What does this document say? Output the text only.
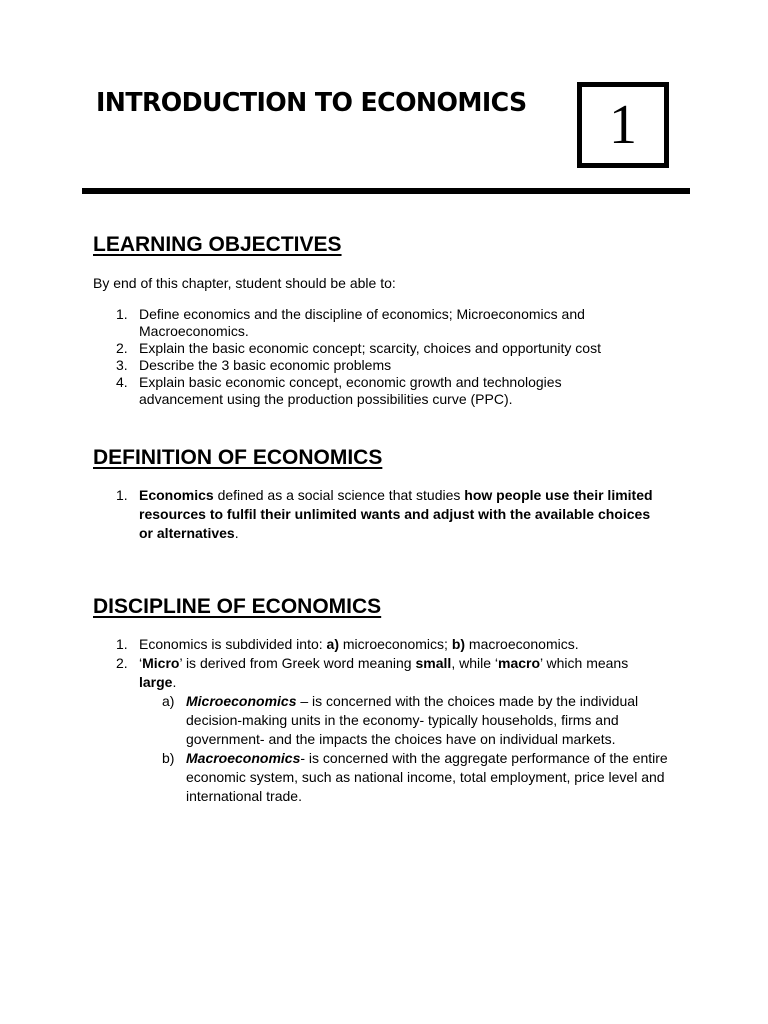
INTRODUCTION TO ECONOMICS 1
LEARNING OBJECTIVES

By end of this chapter, student should be able to:

1. Define economics and the discipline of economics; Microeconomics and Macroeconomics.
2. Explain the basic economic concept; scarcity, choices and opportunity cost
3. Describe the 3 basic economic problems
4. Explain basic economic concept, economic growth and technologies advancement using the production possibilities curve (PPC).
DEFINITION OF ECONOMICS
1. Economics defined as a social science that studies how people use their limited resources to fulfil their unlimited wants and adjust with the available choices or alternatives.
DISCIPLINE OF ECONOMICS
1. Economics is subdivided into: a) microeconomics; b) macroeconomics.
2. ‘Micro’ is derived from Greek word meaning small, while ‘macro’ which means large.
a) Microeconomics – is concerned with the choices made by the individual decision-making units in the economy- typically households, firms and government- and the impacts the choices have on individual markets.
b) Macroeconomics- is concerned with the aggregate performance of the entire economic system, such as national income, total employment, price level and international trade.
